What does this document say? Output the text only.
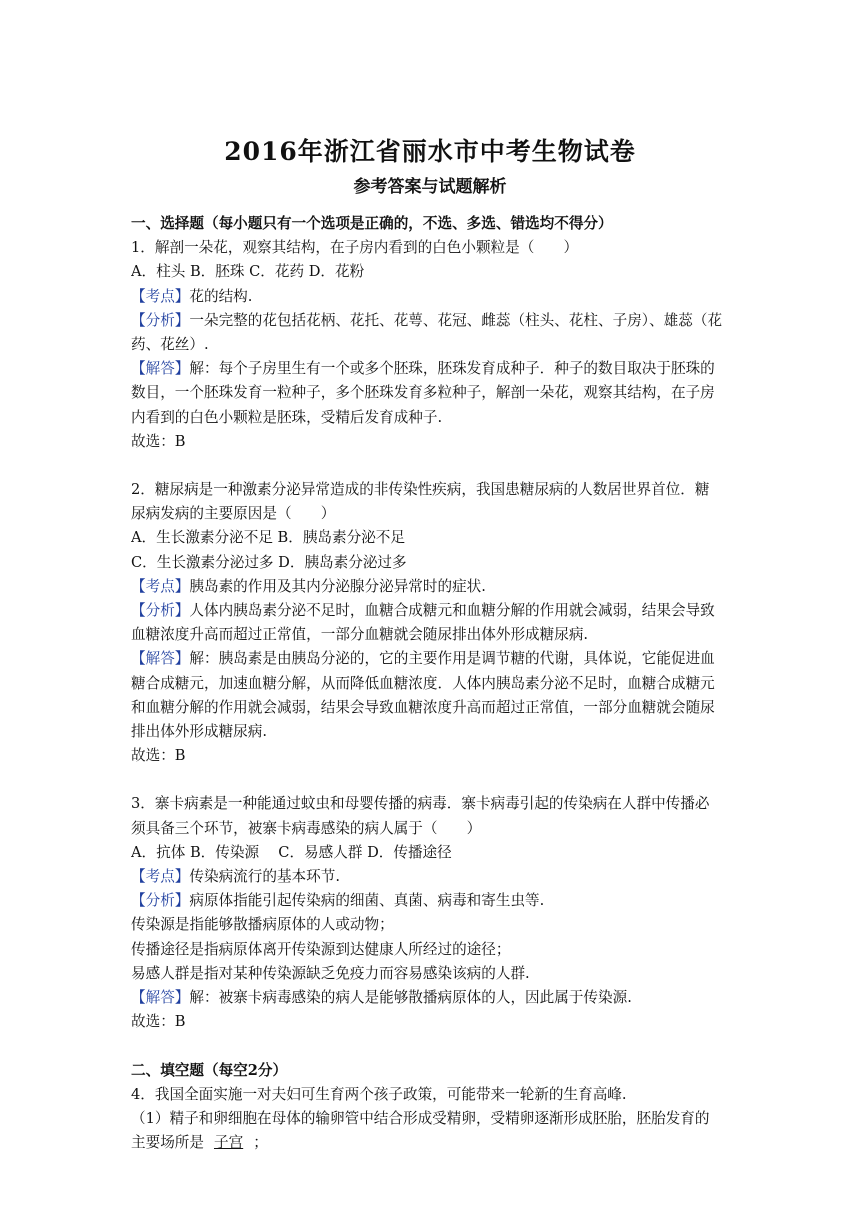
2016年浙江省丽水市中考生物试卷
参考答案与试题解析
一、选择题（每小题只有一个选项是正确的，不选、多选、错选均不得分）
1．解剖一朵花，观察其结构，在子房内看到的白色小颗粒是（　　）
A．柱头 B．胚珠 C．花药 D．花粉
【考点】花的结构.
【分析】一朵完整的花包括花柄、花托、花萼、花冠、雌蕊（柱头、花柱、子房）、雄蕊（花
药、花丝）.
【解答】解：每个子房里生有一个或多个胚珠，胚珠发育成种子．种子的数目取决于胚珠的
数目，一个胚珠发育一粒种子，多个胚珠发育多粒种子，解剖一朵花，观察其结构，在子房
内看到的白色小颗粒是胚珠，受精后发育成种子.
故选：B
2．糖尿病是一种激素分泌异常造成的非传染性疾病，我国患糖尿病的人数居世界首位．糖
尿病发病的主要原因是（　　）
A．生长激素分泌不足 B．胰岛素分泌不足
C．生长激素分泌过多 D．胰岛素分泌过多
【考点】胰岛素的作用及其内分泌腺分泌异常时的症状.
【分析】人体内胰岛素分泌不足时，血糖合成糖元和血糖分解的作用就会减弱，结果会导致
血糖浓度升高而超过正常值，一部分血糖就会随尿排出体外形成糖尿病.
【解答】解：胰岛素是由胰岛分泌的，它的主要作用是调节糖的代谢，具体说，它能促进血
糖合成糖元，加速血糖分解，从而降低血糖浓度．人体内胰岛素分泌不足时，血糖合成糖元
和血糖分解的作用就会减弱，结果会导致血糖浓度升高而超过正常值，一部分血糖就会随尿
排出体外形成糖尿病.
故选：B
3．寨卡病素是一种能通过蚊虫和母婴传播的病毒．寨卡病毒引起的传染病在人群中传播必
须具备三个环节，被寨卡病毒感染的病人属于（　　）
A．抗体 B．传染源　 C．易感人群 D．传播途径
【考点】传染病流行的基本环节.
【分析】病原体指能引起传染病的细菌、真菌、病毒和寄生虫等.
传染源是指能够散播病原体的人或动物；
传播途径是指病原体离开传染源到达健康人所经过的途径；
易感人群是指对某种传染源缺乏免疫力而容易感染该病的人群.
【解答】解：被寨卡病毒感染的病人是能够散播病原体的人，因此属于传染源.
故选：B
二、填空题（每空2分）
4．我国全面实施一对夫妇可生育两个孩子政策，可能带来一轮新的生育高峰.
（1）精子和卵细胞在母体的输卵管中结合形成受精卵，受精卵逐渐形成胚胎，胚胎发育的
主要场所是 子宫 ；
